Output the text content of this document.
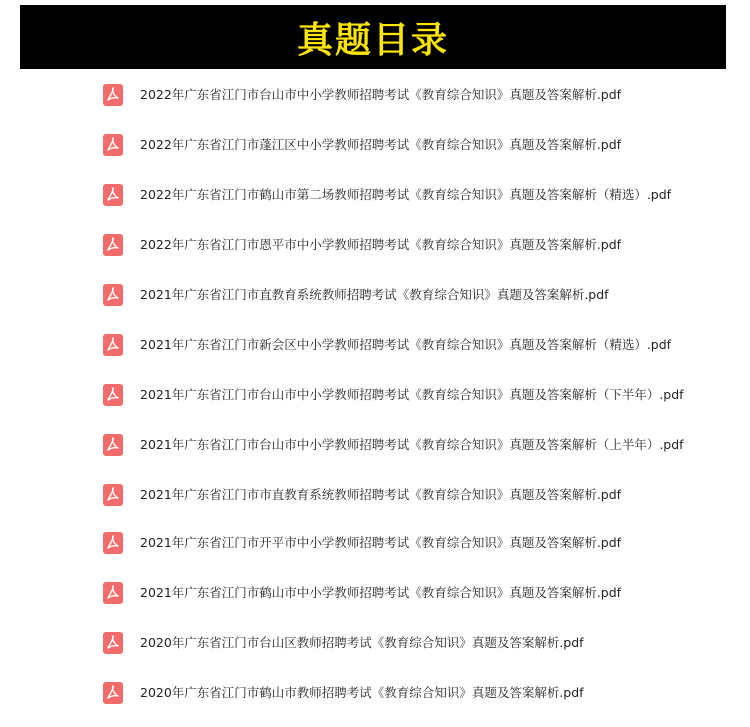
真题目录
2022年广东省江门市台山市中小学教师招聘考试《教育综合知识》真题及答案解析.pdf
2022年广东省江门市蓬江区中小学教师招聘考试《教育综合知识》真题及答案解析.pdf
2022年广东省江门市鹤山市第二场教师招聘考试《教育综合知识》真题及答案解析（精选）.pdf
2022年广东省江门市恩平市中小学教师招聘考试《教育综合知识》真题及答案解析.pdf
2021年广东省江门市直教育系统教师招聘考试《教育综合知识》真题及答案解析.pdf
2021年广东省江门市新会区中小学教师招聘考试《教育综合知识》真题及答案解析（精选）.pdf
2021年广东省江门市台山市中小学教师招聘考试《教育综合知识》真题及答案解析（下半年）.pdf
2021年广东省江门市台山市中小学教师招聘考试《教育综合知识》真题及答案解析（上半年）.pdf
2021年广东省江门市市直教育系统教师招聘考试《教育综合知识》真题及答案解析.pdf
2021年广东省江门市开平市中小学教师招聘考试《教育综合知识》真题及答案解析.pdf
2021年广东省江门市鹤山市中小学教师招聘考试《教育综合知识》真题及答案解析.pdf
2020年广东省江门市台山区教师招聘考试《教育综合知识》真题及答案解析.pdf
2020年广东省江门市鹤山市教师招聘考试《教育综合知识》真题及答案解析.pdf
